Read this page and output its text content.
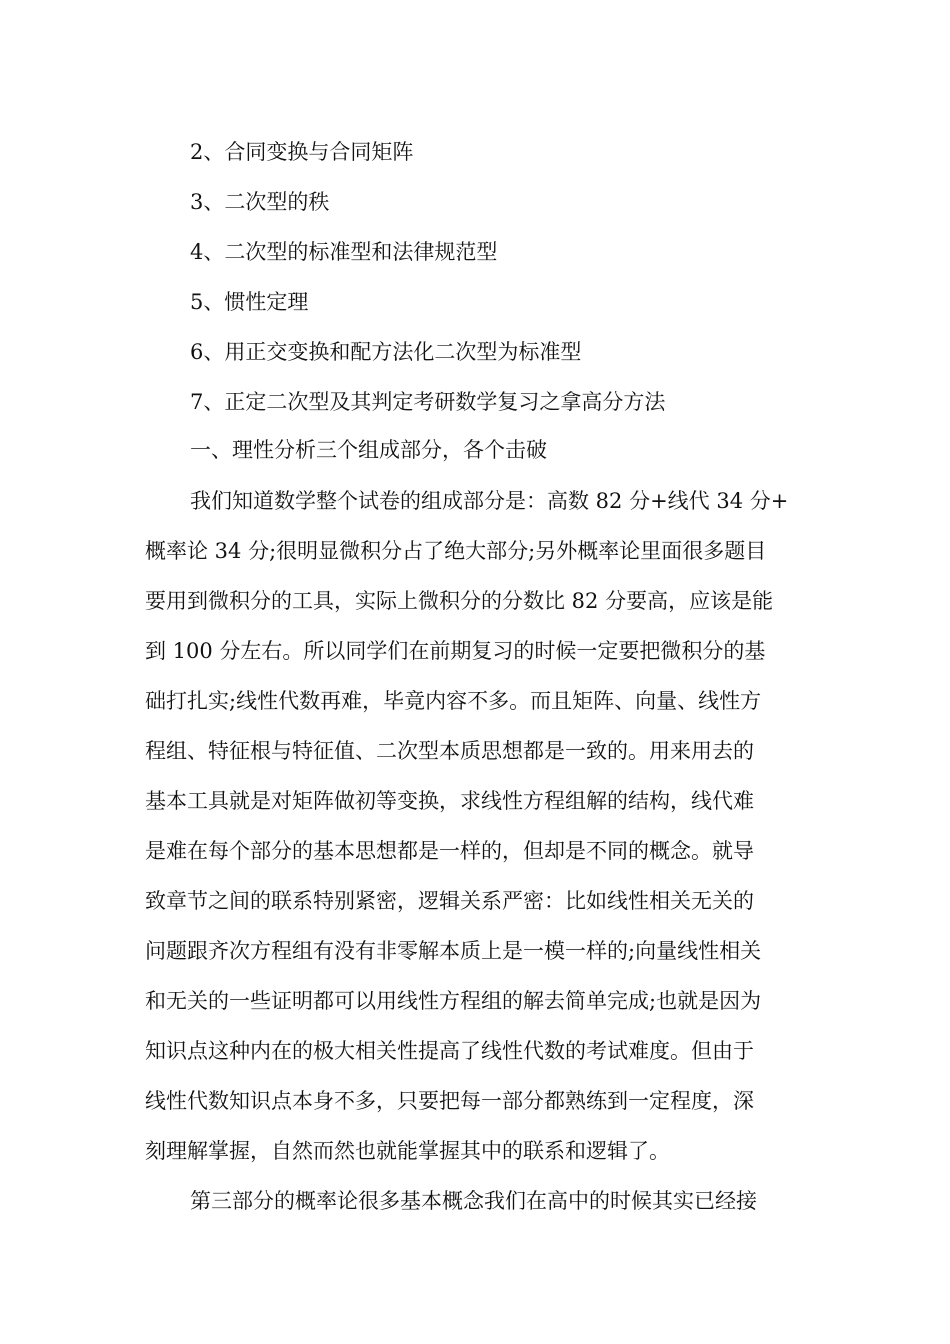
2、合同变换与合同矩阵
3、二次型的秩
4、二次型的标准型和法律规范型
5、惯性定理
6、用正交变换和配方法化二次型为标准型
7、正定二次型及其判定考研数学复习之拿高分方法
一、理性分析三个组成部分，各个击破
我们知道数学整个试卷的组成部分是：高数 82 分+线代 34 分+
概率论 34 分;很明显微积分占了绝大部分;另外概率论里面很多题目
要用到微积分的工具，实际上微积分的分数比 82 分要高，应该是能
到 100 分左右。所以同学们在前期复习的时候一定要把微积分的基
础打扎实;线性代数再难，毕竟内容不多。而且矩阵、向量、线性方
程组、特征根与特征值、二次型本质思想都是一致的。用来用去的
基本工具就是对矩阵做初等变换，求线性方程组解的结构，线代难
是难在每个部分的基本思想都是一样的，但却是不同的概念。就导
致章节之间的联系特别紧密，逻辑关系严密：比如线性相关无关的
问题跟齐次方程组有没有非零解本质上是一模一样的;向量线性相关
和无关的一些证明都可以用线性方程组的解去简单完成;也就是因为
知识点这种内在的极大相关性提高了线性代数的考试难度。但由于
线性代数知识点本身不多，只要把每一部分都熟练到一定程度，深
刻理解掌握，自然而然也就能掌握其中的联系和逻辑了。
第三部分的概率论很多基本概念我们在高中的时候其实已经接
